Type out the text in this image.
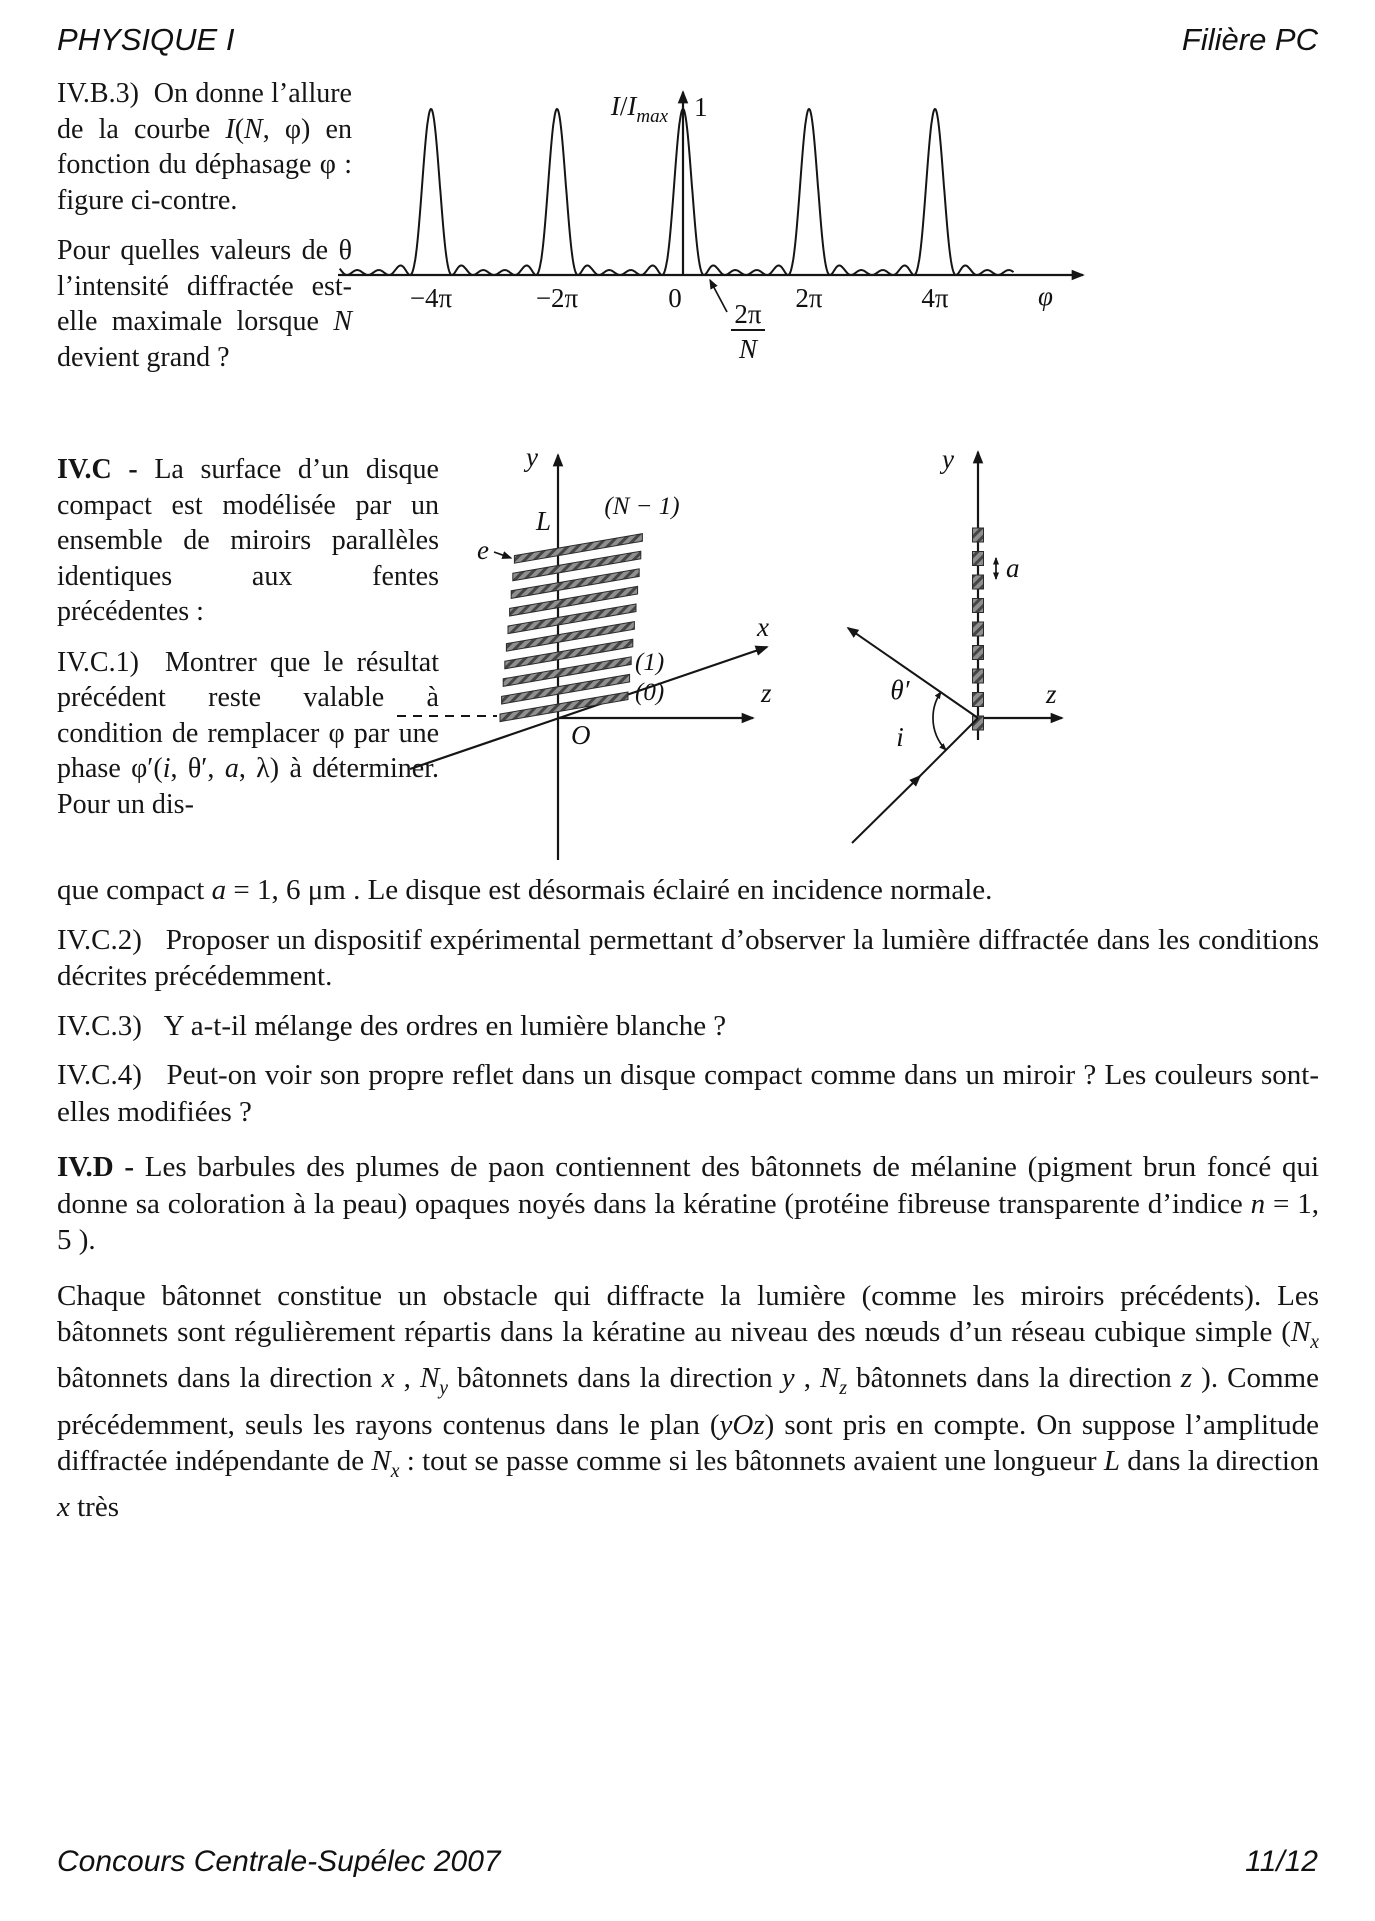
PHYSIQUE I	Filière PC

IV.B.3)  On donne l’allure de la courbe I(N, φ) en fonction du déphasage φ : figure ci-contre.

Pour quelles valeurs de θ l’intensité diffractée est-elle maximale lorsque N devient grand ?

$I/I_{max}$ 1
−4π	−2π	0	2π	4π	φ
2π
N

IV.C - La surface d’un disque compact est modélisée par un ensemble de miroirs parallèles identiques aux fentes précédentes :

IV.C.1)  Montrer que le résultat précédent reste valable à condition de remplacer φ par une phase φ′(i, θ′, a, λ) à déterminer. Pour un dis-

y
x
z
O
L
e
(N − 1)
(1)
(0)
y
z
a
θ′
i

que compact a = 1, 6 μm . Le disque est désormais éclairé en incidence normale.

IV.C.2)   Proposer un dispositif expérimental permettant d’observer la lumière diffractée dans les conditions décrites précédemment.

IV.C.3)   Y a-t-il mélange des ordres en lumière blanche ?

IV.C.4)   Peut-on voir son propre reflet dans un disque compact comme dans un miroir ? Les couleurs sont-elles modifiées ?

IV.D - Les barbules des plumes de paon contiennent des bâtonnets de mélanine (pigment brun foncé qui donne sa coloration à la peau) opaques noyés dans la kératine (protéine fibreuse transparente d’indice n = 1, 5 ).

Chaque bâtonnet constitue un obstacle qui diffracte la lumière (comme les miroirs précédents). Les bâtonnets sont régulièrement répartis dans la kératine au niveau des nœuds d’un réseau cubique simple ($N_x$ bâtonnets dans la direction x , $N_y$ bâtonnets dans la direction y , $N_z$ bâtonnets dans la direction z ). Comme précédemment, seuls les rayons contenus dans le plan (yOz) sont pris en compte. On suppose l’amplitude diffractée indépendante de $N_x$ : tout se passe comme si les bâtonnets avaient une longueur L dans la direction x très

Concours Centrale-Supélec 2007	11/12
